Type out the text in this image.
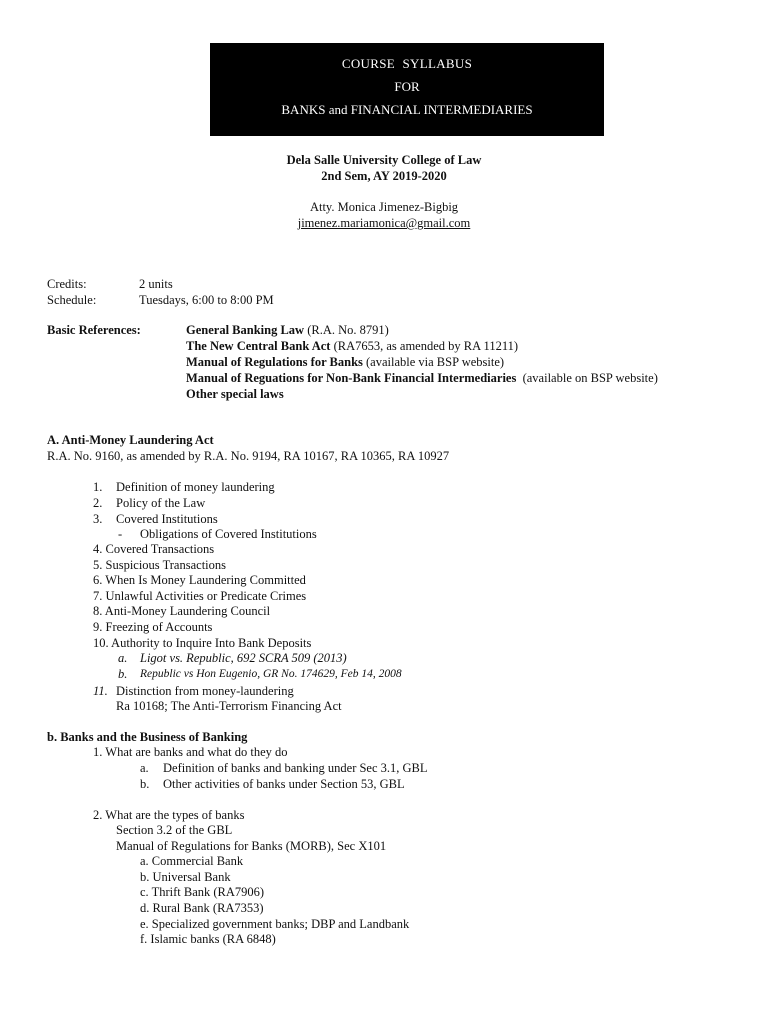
COURSE SYLLABUS
FOR
BANKS and FINANCIAL INTERMEDIARIES
Dela Salle University College of Law
2nd Sem, AY 2019-2020
Atty. Monica Jimenez-Bigbig
jimenez.mariamonica@gmail.com
Credits:	2 units
Schedule:	Tuesdays, 6:00 to 8:00 PM
Basic References:	General Banking Law (R.A. No. 8791)
The New Central Bank Act (RA7653, as amended by RA 11211)
Manual of Regulations for Banks (available via BSP website)
Manual of Reguations for Non-Bank Financial Intermediaries  (available on BSP website)
Other special laws
A. Anti-Money Laundering Act
R.A. No. 9160, as amended by R.A. No. 9194, RA 10167, RA 10365, RA 10927
1. Definition of money laundering
2. Policy of the Law
3. Covered Institutions
- Obligations of Covered Institutions
4. Covered Transactions
5. Suspicious Transactions
6. When Is Money Laundering Committed
7. Unlawful Activities or Predicate Crimes
8. Anti-Money Laundering Council
9. Freezing of Accounts
10. Authority to Inquire Into Bank Deposits
a. Ligot vs. Republic, 692 SCRA 509 (2013)
b. Republic vs Hon Eugenio, GR No. 174629, Feb 14, 2008
11. Distinction from money-laundering
Ra 10168; The Anti-Terrorism Financing Act
b. Banks and the Business of Banking
1. What are banks and what do they do
a. Definition of banks and banking under Sec 3.1, GBL
b. Other activities of banks under Section 53, GBL
2. What are the types of banks
Section 3.2 of the GBL
Manual of Regulations for Banks (MORB), Sec X101
a. Commercial Bank
b. Universal Bank
c. Thrift Bank (RA7906)
d. Rural Bank (RA7353)
e. Specialized government banks; DBP and Landbank
f. Islamic banks (RA 6848)
